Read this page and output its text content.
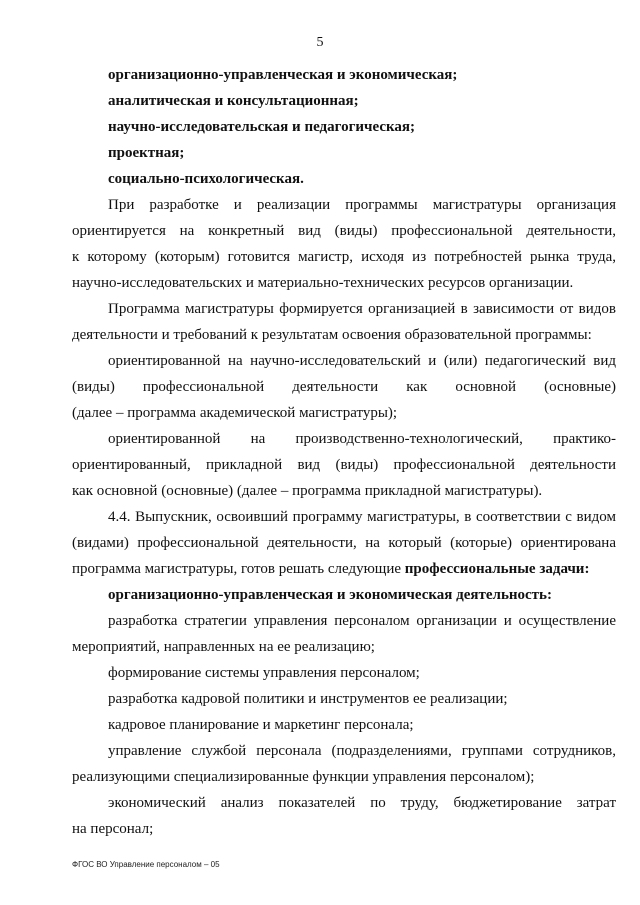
5

организационно-управленческая и экономическая;

аналитическая и консультационная;

научно-исследовательская и педагогическая;

проектная;

социально-психологическая.

При разработке и реализации программы магистратуры организация

ориентируется на конкретный вид (виды) профессиональной деятельности,

к которому (которым) готовится магистр, исходя из потребностей рынка труда,

научно-исследовательских и материально-технических ресурсов организации.

Программа магистратуры формируется организацией в зависимости от видов

деятельности и требований к результатам освоения образовательной программы:

ориентированной на научно-исследовательский и (или) педагогический вид

(виды) профессиональной деятельности как основной (основные)

(далее – программа академической магистратуры);

ориентированной на производственно-технологический, практико-

ориентированный, прикладной вид (виды) профессиональной деятельности

как основной (основные) (далее – программа прикладной магистратуры).

4.4. Выпускник, освоивший программу магистратуры, в соответствии с видом

(видами) профессиональной деятельности, на который (которые) ориентирована

программа магистратуры, готов решать следующие профессиональные задачи:

организационно-управленческая и экономическая деятельность:

разработка стратегии управления персоналом организации и осуществление

мероприятий, направленных на ее реализацию;

формирование системы управления персоналом;

разработка кадровой политики и инструментов ее реализации;

кадровое планирование и маркетинг персонала;

управление службой персонала (подразделениями, группами сотрудников,

реализующими специализированные функции управления персоналом);

экономический анализ показателей по труду, бюджетирование затрат

на персонал;

ФГОС ВО Управление персоналом – 05
